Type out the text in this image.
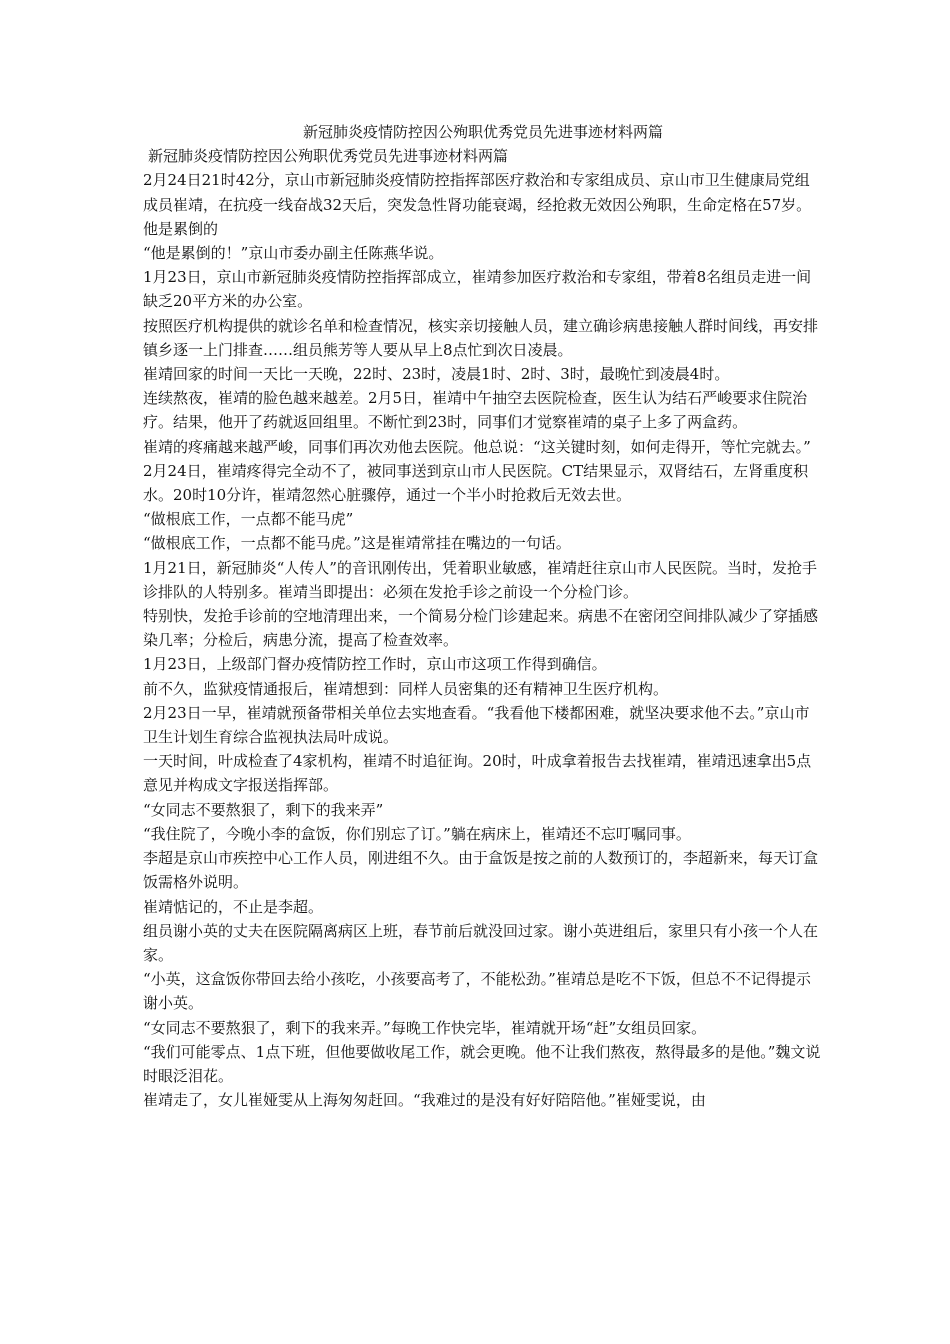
新冠肺炎疫情防控因公殉职优秀党员先进事迹材料两篇
新冠肺炎疫情防控因公殉职优秀党员先进事迹材料两篇

2月24日21时42分，京山市新冠肺炎疫情防控指挥部医疗救治和专家组成员、京山市卫生健康局党组成员崔靖，在抗疫一线奋战32天后，突发急性肾功能衰竭，经抢救无效因公殉职，生命定格在57岁。

他是累倒的

“他是累倒的！”京山市委办副主任陈燕华说。

1月23日，京山市新冠肺炎疫情防控指挥部成立，崔靖参加医疗救治和专家组，带着8名组员走进一间缺乏20平方米的办公室。

按照医疗机构提供的就诊名单和检查情况，核实亲切接触人员，建立确诊病患接触人群时间线，再安排镇乡逐一上门排查……组员熊芳等人要从早上8点忙到次日凌晨。

崔靖回家的时间一天比一天晚，22时、23时，凌晨1时、2时、3时，最晚忙到凌晨4时。

连续熬夜，崔靖的脸色越来越差。2月5日，崔靖中午抽空去医院检查，医生认为结石严峻要求住院治疗。结果，他开了药就返回组里。不断忙到23时，同事们才觉察崔靖的桌子上多了两盒药。

崔靖的疼痛越来越严峻，同事们再次劝他去医院。他总说：“这关键时刻，如何走得开，等忙完就去。”

2月24日，崔靖疼得完全动不了，被同事送到京山市人民医院。CT结果显示，双肾结石，左肾重度积水。20时10分许，崔靖忽然心脏骤停，通过一个半小时抢救后无效去世。

“做根底工作，一点都不能马虎”

“做根底工作，一点都不能马虎。”这是崔靖常挂在嘴边的一句话。

1月21日，新冠肺炎“人传人”的音讯刚传出，凭着职业敏感，崔靖赶往京山市人民医院。当时，发抢手诊排队的人特别多。崔靖当即提出：必须在发抢手诊之前设一个分检门诊。

特别快，发抢手诊前的空地清理出来，一个简易分检门诊建起来。病患不在密闭空间排队减少了穿插感染几率；分检后，病患分流，提高了检查效率。

1月23日，上级部门督办疫情防控工作时，京山市这项工作得到确信。

前不久，监狱疫情通报后，崔靖想到：同样人员密集的还有精神卫生医疗机构。

2月23日一早，崔靖就预备带相关单位去实地查看。“我看他下楼都困难，就坚决要求他不去。”京山市卫生计划生育综合监视执法局叶成说。

一天时间，叶成检查了4家机构，崔靖不时追征询。20时，叶成拿着报告去找崔靖，崔靖迅速拿出5点意见并构成文字报送指挥部。

“女同志不要熬狠了，剩下的我来弄”

“我住院了，今晚小李的盒饭，你们别忘了订。”躺在病床上，崔靖还不忘叮嘱同事。

李超是京山市疾控中心工作人员，刚进组不久。由于盒饭是按之前的人数预订的，李超新来，每天订盒饭需格外说明。

崔靖惦记的，不止是李超。

组员谢小英的丈夫在医院隔离病区上班，春节前后就没回过家。谢小英进组后，家里只有小孩一个人在家。

“小英，这盒饭你带回去给小孩吃，小孩要高考了，不能松劲。”崔靖总是吃不下饭，但总不不记得提示谢小英。

“女同志不要熬狠了，剩下的我来弄。”每晚工作快完毕，崔靖就开场“赶”女组员回家。

“我们可能零点、1点下班，但他要做收尾工作，就会更晚。他不让我们熬夜，熬得最多的是他。”魏文说时眼泛泪花。

崔靖走了，女儿崔娅雯从上海匆匆赶回。“我难过的是没有好好陪陪他。”崔娅雯说，由
